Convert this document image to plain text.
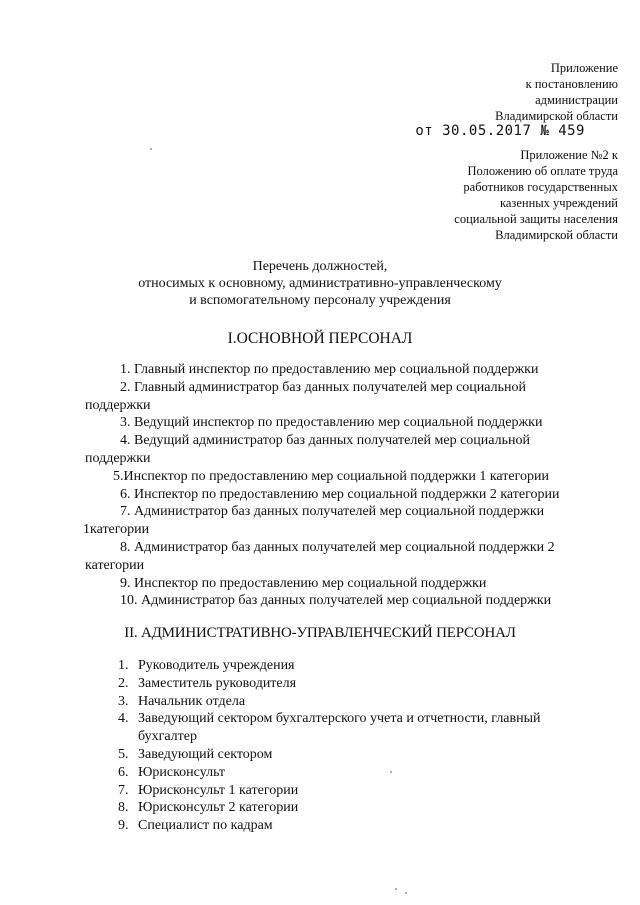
Приложение
к постановлению
администрации
Владимирской области
от 30.05.2017 № 459
Приложение №2 к
Положению об оплате труда
работников государственных
казенных учреждений
социальной защиты населения
Владимирской области
Перечень должностей,
относимых к основному, административно-управленческому
и вспомогательному персоналу учреждения
I.ОСНОВНОЙ ПЕРСОНАЛ
1. Главный инспектор по предоставлению мер социальной поддержки
2. Главный администратор баз данных получателей мер социальной
поддержки
3. Ведущий инспектор по предоставлению мер социальной поддержки
4. Ведущий администратор баз данных получателей мер социальной
поддержки
5.Инспектор по предоставлению мер социальной поддержки 1 категории
6. Инспектор по предоставлению мер социальной поддержки 2 категории
7. Администратор баз данных получателей мер социальной поддержки
1категории
8. Администратор баз данных получателей мер социальной поддержки 2
категории
9. Инспектор по предоставлению мер социальной поддержки
10. Администратор баз данных получателей мер социальной поддержки
II. АДМИНИСТРАТИВНО-УПРАВЛЕНЧЕСКИЙ ПЕРСОНАЛ
1. Руководитель учреждения
2. Заместитель руководителя
3. Начальник отдела
4. Заведующий сектором бухгалтерского учета и отчетности, главный бухгалтер
5. Заведующий сектором
6. Юрисконсульт
7. Юрисконсульт 1 категории
8. Юрисконсульт 2 категории
9. Специалист по кадрам
